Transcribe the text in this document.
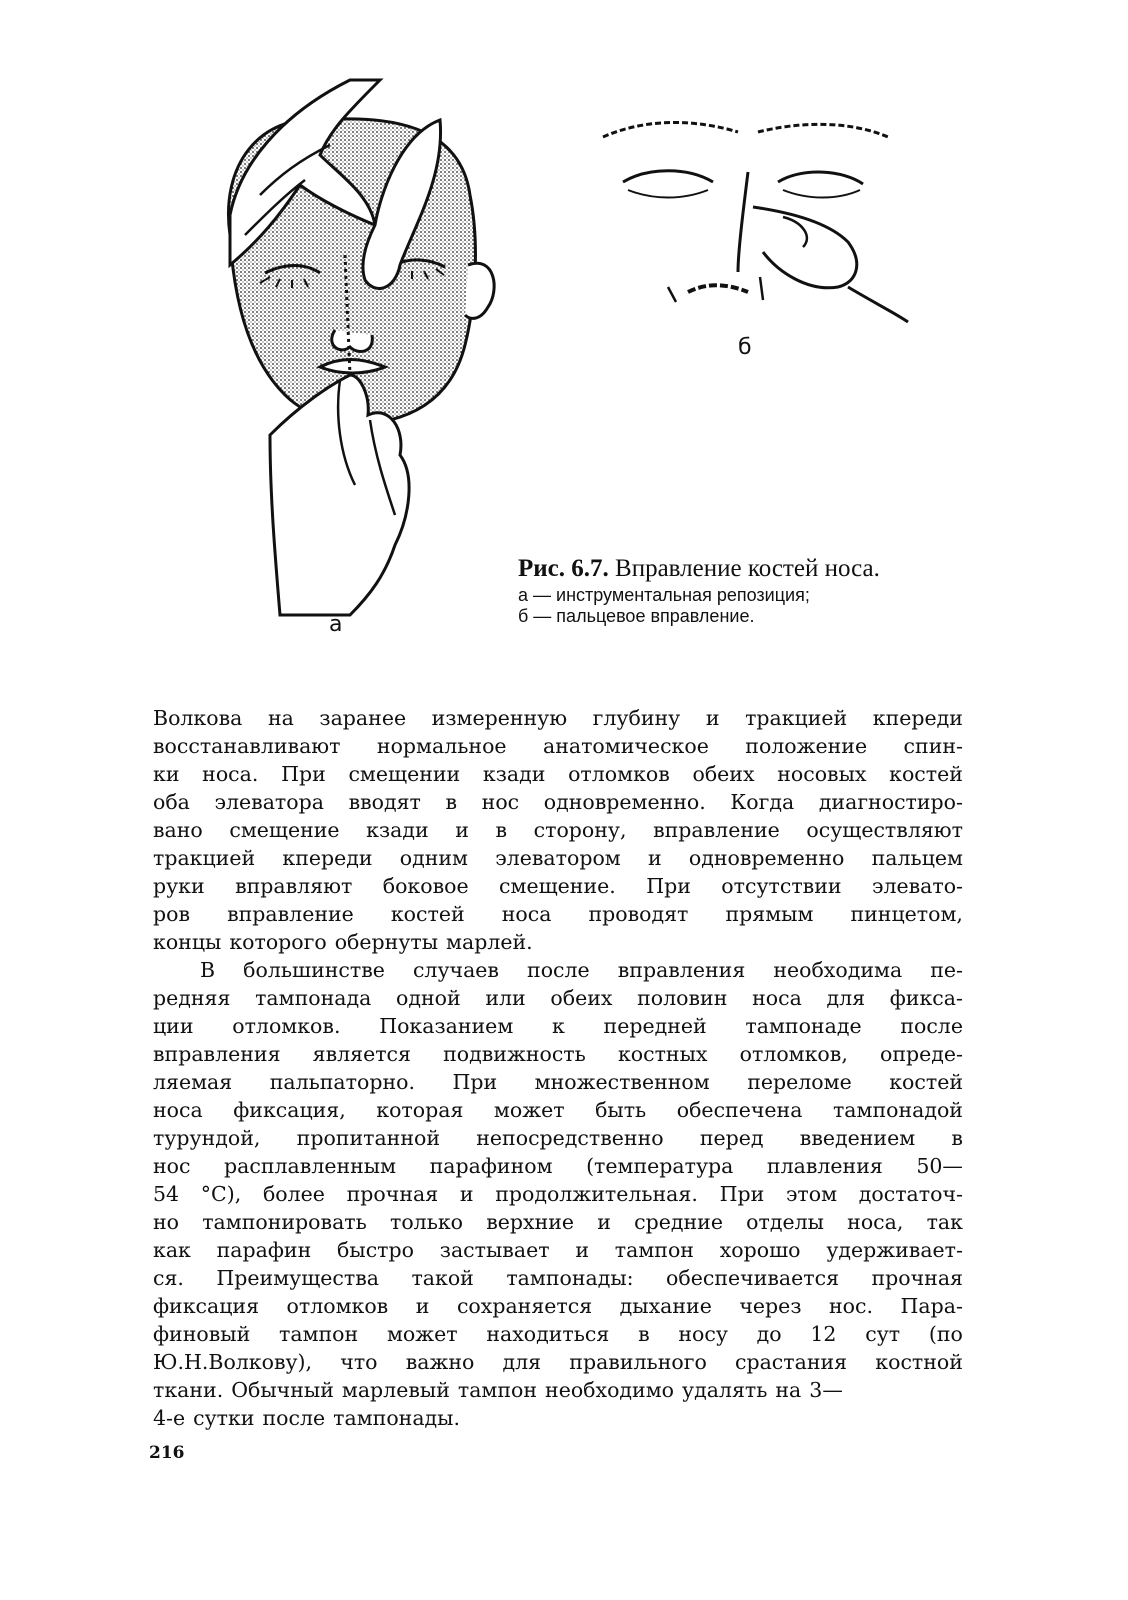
а
б
Рис. 6.7. Вправление костей носа.
а — инструментальная репозиция;
б — пальцевое вправление.
Волкова на заранее измеренную глубину и тракцией кпереди
восстанавливают нормальное анатомическое положение спин-
ки носа. При смещении кзади отломков обеих носовых костей
оба элеватора вводят в нос одновременно. Когда диагностиро-
вано смещение кзади и в сторону, вправление осуществляют
тракцией кпереди одним элеватором и одновременно пальцем
руки вправляют боковое смещение. При отсутствии элевато-
ров вправление костей носа проводят прямым пинцетом,
концы которого обернуты марлей.
В большинстве случаев после вправления необходима пе-
редняя тампонада одной или обеих половин носа для фикса-
ции отломков. Показанием к передней тампонаде после
вправления является подвижность костных отломков, опреде-
ляемая пальпаторно. При множественном переломе костей
носа фиксация, которая может быть обеспечена тампонадой
турундой, пропитанной непосредственно перед введением в
нос расплавленным парафином (температура плавления 50—
54 °С), более прочная и продолжительная. При этом достаточ-
но тампонировать только верхние и средние отделы носа, так
как парафин быстро застывает и тампон хорошо удерживает-
ся. Преимущества такой тампонады: обеспечивается прочная
фиксация отломков и сохраняется дыхание через нос. Пара-
финовый тампон может находиться в носу до 12 сут (по
Ю.Н.Волкову), что важно для правильного срастания костной
ткани. Обычный марлевый тампон необходимо удалять на 3—
4-е сутки после тампонады.
216
